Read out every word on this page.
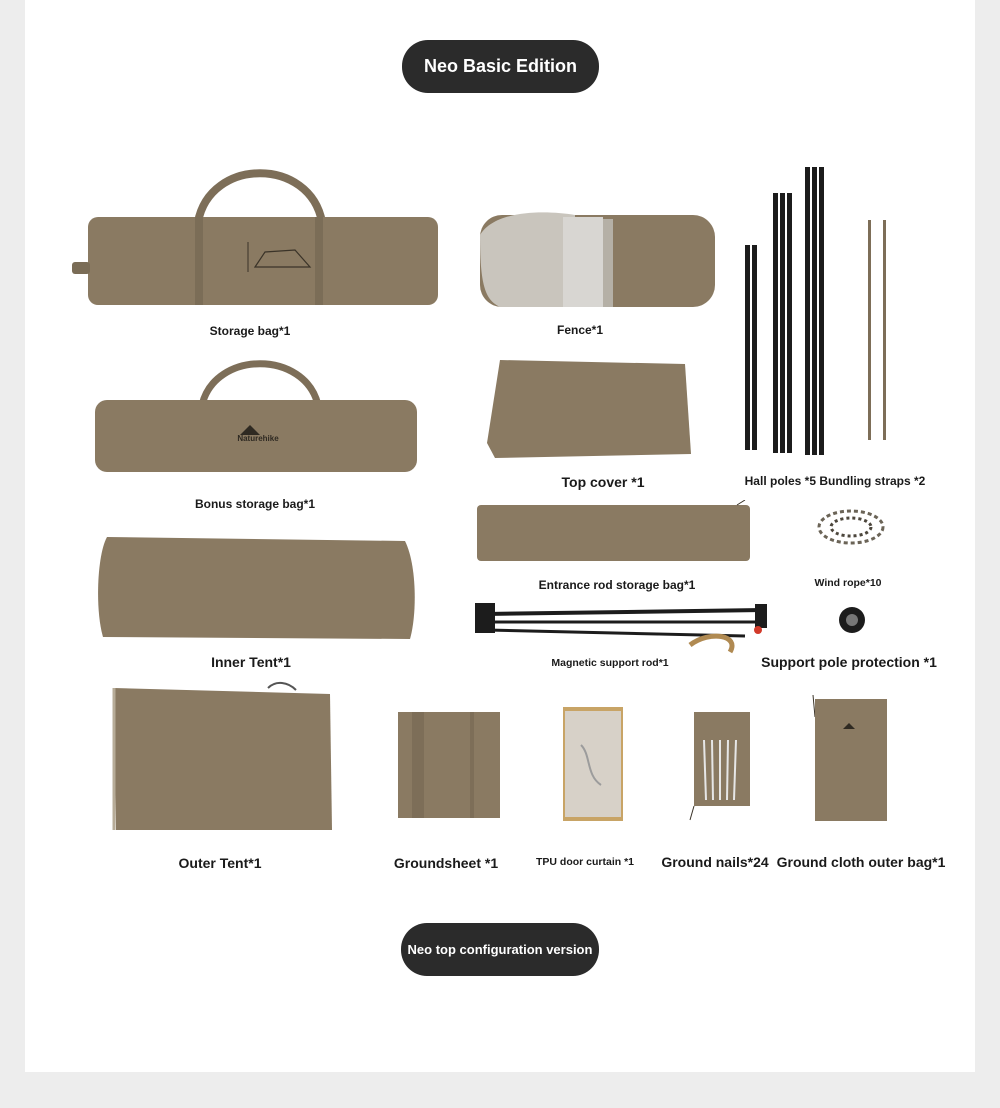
Neo Basic Edition
Storage bag*1	Fence*1
Hall poles *5 Bundling straps *2
Naturehike
Bonus storage bag*1
Top cover *1
Entrance rod storage bag*1	Wind rope*10
Inner Tent*1	Magnetic support rod*1	Support pole protection *1
Outer Tent*1	Groundsheet *1	TPU door curtain *1 Ground nails*24 Ground cloth outer bag*1
Neo top configuration version
